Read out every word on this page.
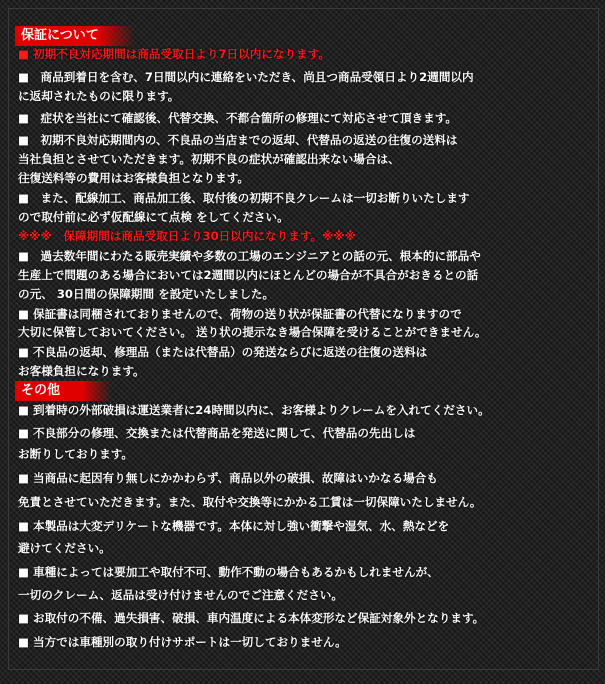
保証について
■ 初期不良対応期間は商品受取日より7日以内になります。
■　商品到着日を含む、7日間以内に連絡をいただき、尚且つ商品受領日より2週間以内
に返却されたものに限ります。
■　症状を当社にて確認後、代替交換、不都合箇所の修理にて対応させて頂きます。
■　初期不良対応期間内の、不良品の当店までの返却、代替品の返送の往復の送料は
当社負担とさせていただきます。初期不良の症状が確認出来ない場合は、
往復送料等の費用はお客様負担となります。
■　また、配線加工、商品加工後、取付後の初期不良クレームは一切お断りいたします
ので取付前に必ず仮配線にて点検 をしてください。
※※※　保障期間は商品受取日より30日以内になります。※※※
■　過去数年間にわたる販売実績や多数の工場のエンジニアとの話の元、根本的に部品や
生産上で問題のある場合においては2週間以内にほとんどの場合が不具合がおきるとの話
の元、 30日間の保障期間 を設定いたしました。
■ 保証書は同梱されておりませんので、荷物の送り状が保証書の代替になりますので
大切に保管しておいてください。 送り状の提示なき場合保障を受けることができません。
■ 不良品の返却、修理品（または代替品）の発送ならびに返送の往復の送料は
お客様負担になります。
その他
■ 到着時の外部破損は運送業者に24時間以内に、お客様よりクレームを入れてください。
■ 不良部分の修理、交換または代替商品を発送に関して、代替品の先出しは
お断りしております。
■ 当商品に起因有り無しにかかわらず、商品以外の破損、故障はいかなる場合も
免責とさせていただきます。また、取付や交換等にかかる工賃は一切保障いたしません。
■ 本製品は大変デリケートな機器です。本体に対し強い衝撃や湿気、水、熱などを
避けてください。
■ 車種によっては要加工や取付不可、動作不動の場合もあるかもしれませんが、
一切のクレーム、返品は受け付けませんのでご注意ください。
■ お取付の不備、過失損害、破損、車内温度による本体変形など保証対象外となります。
■ 当方では車種別の取り付けサポートは一切しておりません。
